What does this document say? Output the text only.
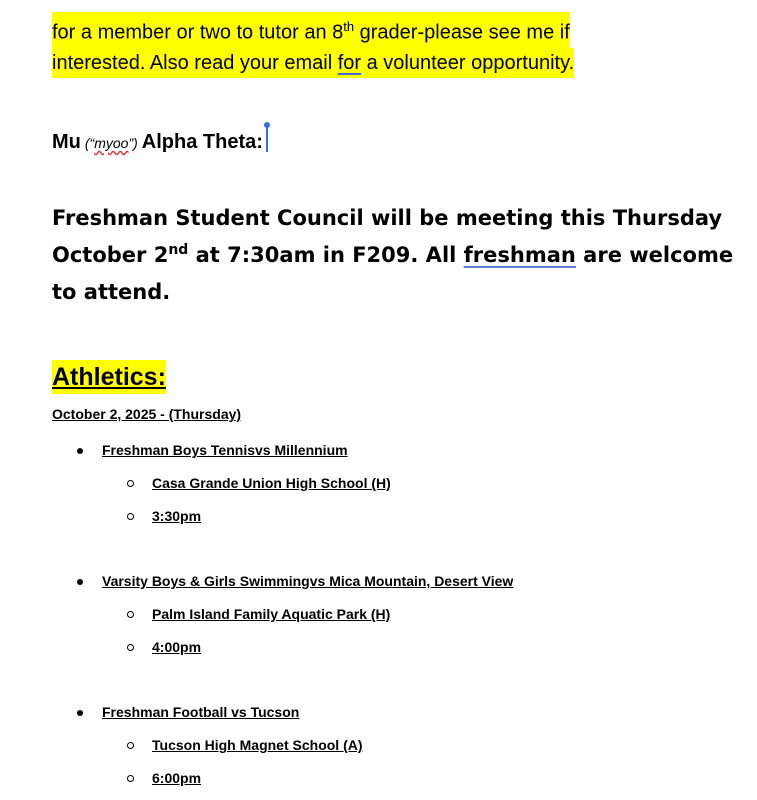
for a member or two to tutor an 8th grader-please see me if
interested. Also read your email for a volunteer opportunity.
Mu (“myoo”) Alpha Theta:
Freshman Student Council will be meeting this Thursday
October 2nd at 7:30am in F209. All freshman are welcome
to attend.
Athletics:
October 2, 2025 - (Thursday)
Freshman Boys Tennisvs Millennium
Casa Grande Union High School (H)
3:30pm
Varsity Boys & Girls Swimmingvs Mica Mountain, Desert View
Palm Island Family Aquatic Park (H)
4:00pm
Freshman Football vs Tucson
Tucson High Magnet School (A)
6:00pm
